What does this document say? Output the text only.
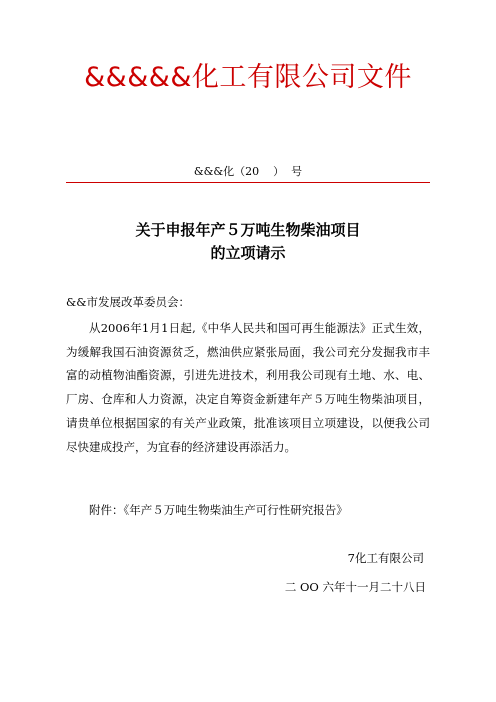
&&&&&化工有限公司文件
&&&化（20    ）  号
关于申报年产５万吨生物柴油项目
的立项请示
&&市发展改革委员会：

从2006年1月1日起,《中华人民共和国可再生能源法》正式生效，为缓解我国石油资源贫乏，燃油供应紧张局面，我公司充分发掘我市丰富的动植物油酯资源，引进先进技术，利用我公司现有土地、水、电、厂房、仓库和人力资源，决定自筹资金新建年产５万吨生物柴油项目，请贵单位根据国家的有关产业政策，批准该项目立项建设，以便我公司尽快建成投产，为宜春的经济建设再添活力。

附件：《年产５万吨生物柴油生产可行性研究报告》
7化工有限公司
二 OO 六年十一月二十八日
